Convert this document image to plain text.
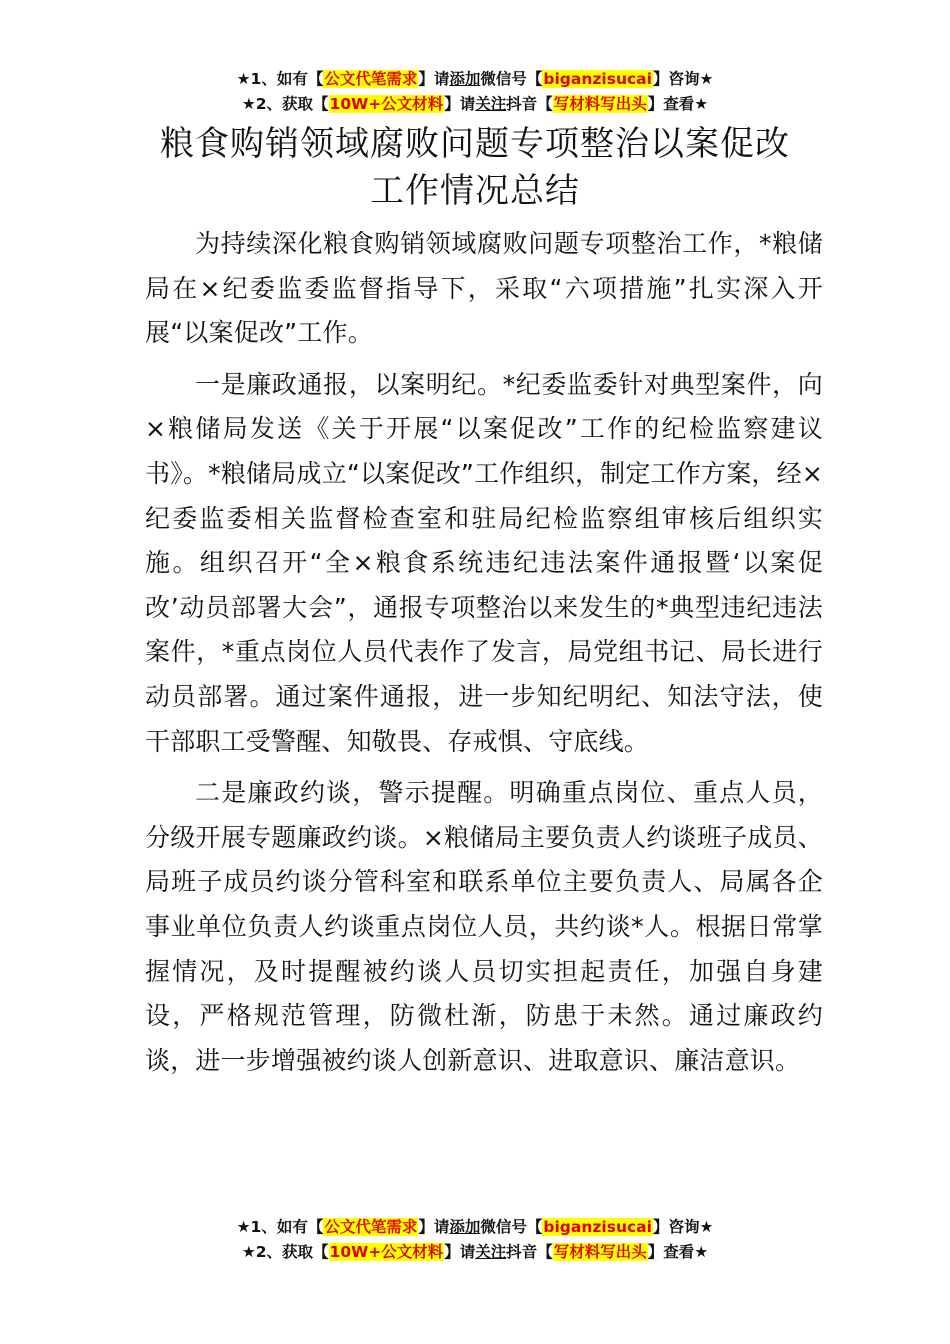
★1、如有【公文代笔需求】请添加微信号【biganzisucai】咨询★
★2、获取【10W+公文材料】请关注抖音【写材料写出头】查看★
粮食购销领域腐败问题专项整治以案促改工作情况总结

为持续深化粮食购销领域腐败问题专项整治工作，*粮储局在×纪委监委监督指导下，采取“六项措施”扎实深入开展“以案促改”工作。

一是廉政通报，以案明纪。*纪委监委针对典型案件，向×粮储局发送《关于开展“以案促改”工作的纪检监察建议书》。*粮储局成立“以案促改”工作组织，制定工作方案，经×纪委监委相关监督检查室和驻局纪检监察组审核后组织实施。组织召开“全×粮食系统违纪违法案件通报暨‘以案促改’动员部署大会”，通报专项整治以来发生的*典型违纪违法案件，*重点岗位人员代表作了发言，局党组书记、局长进行动员部署。通过案件通报，进一步知纪明纪、知法守法，使干部职工受警醒、知敬畏、存戒惧、守底线。

二是廉政约谈，警示提醒。明确重点岗位、重点人员，分级开展专题廉政约谈。×粮储局主要负责人约谈班子成员、局班子成员约谈分管科室和联系单位主要负责人、局属各企事业单位负责人约谈重点岗位人员，共约谈*人。根据日常掌握情况，及时提醒被约谈人员切实担起责任，加强自身建设，严格规范管理，防微杜渐，防患于未然。通过廉政约谈，进一步增强被约谈人创新意识、进取意识、廉洁意识。

★1、如有【公文代笔需求】请添加微信号【biganzisucai】咨询★
★2、获取【10W+公文材料】请关注抖音【写材料写出头】查看★
